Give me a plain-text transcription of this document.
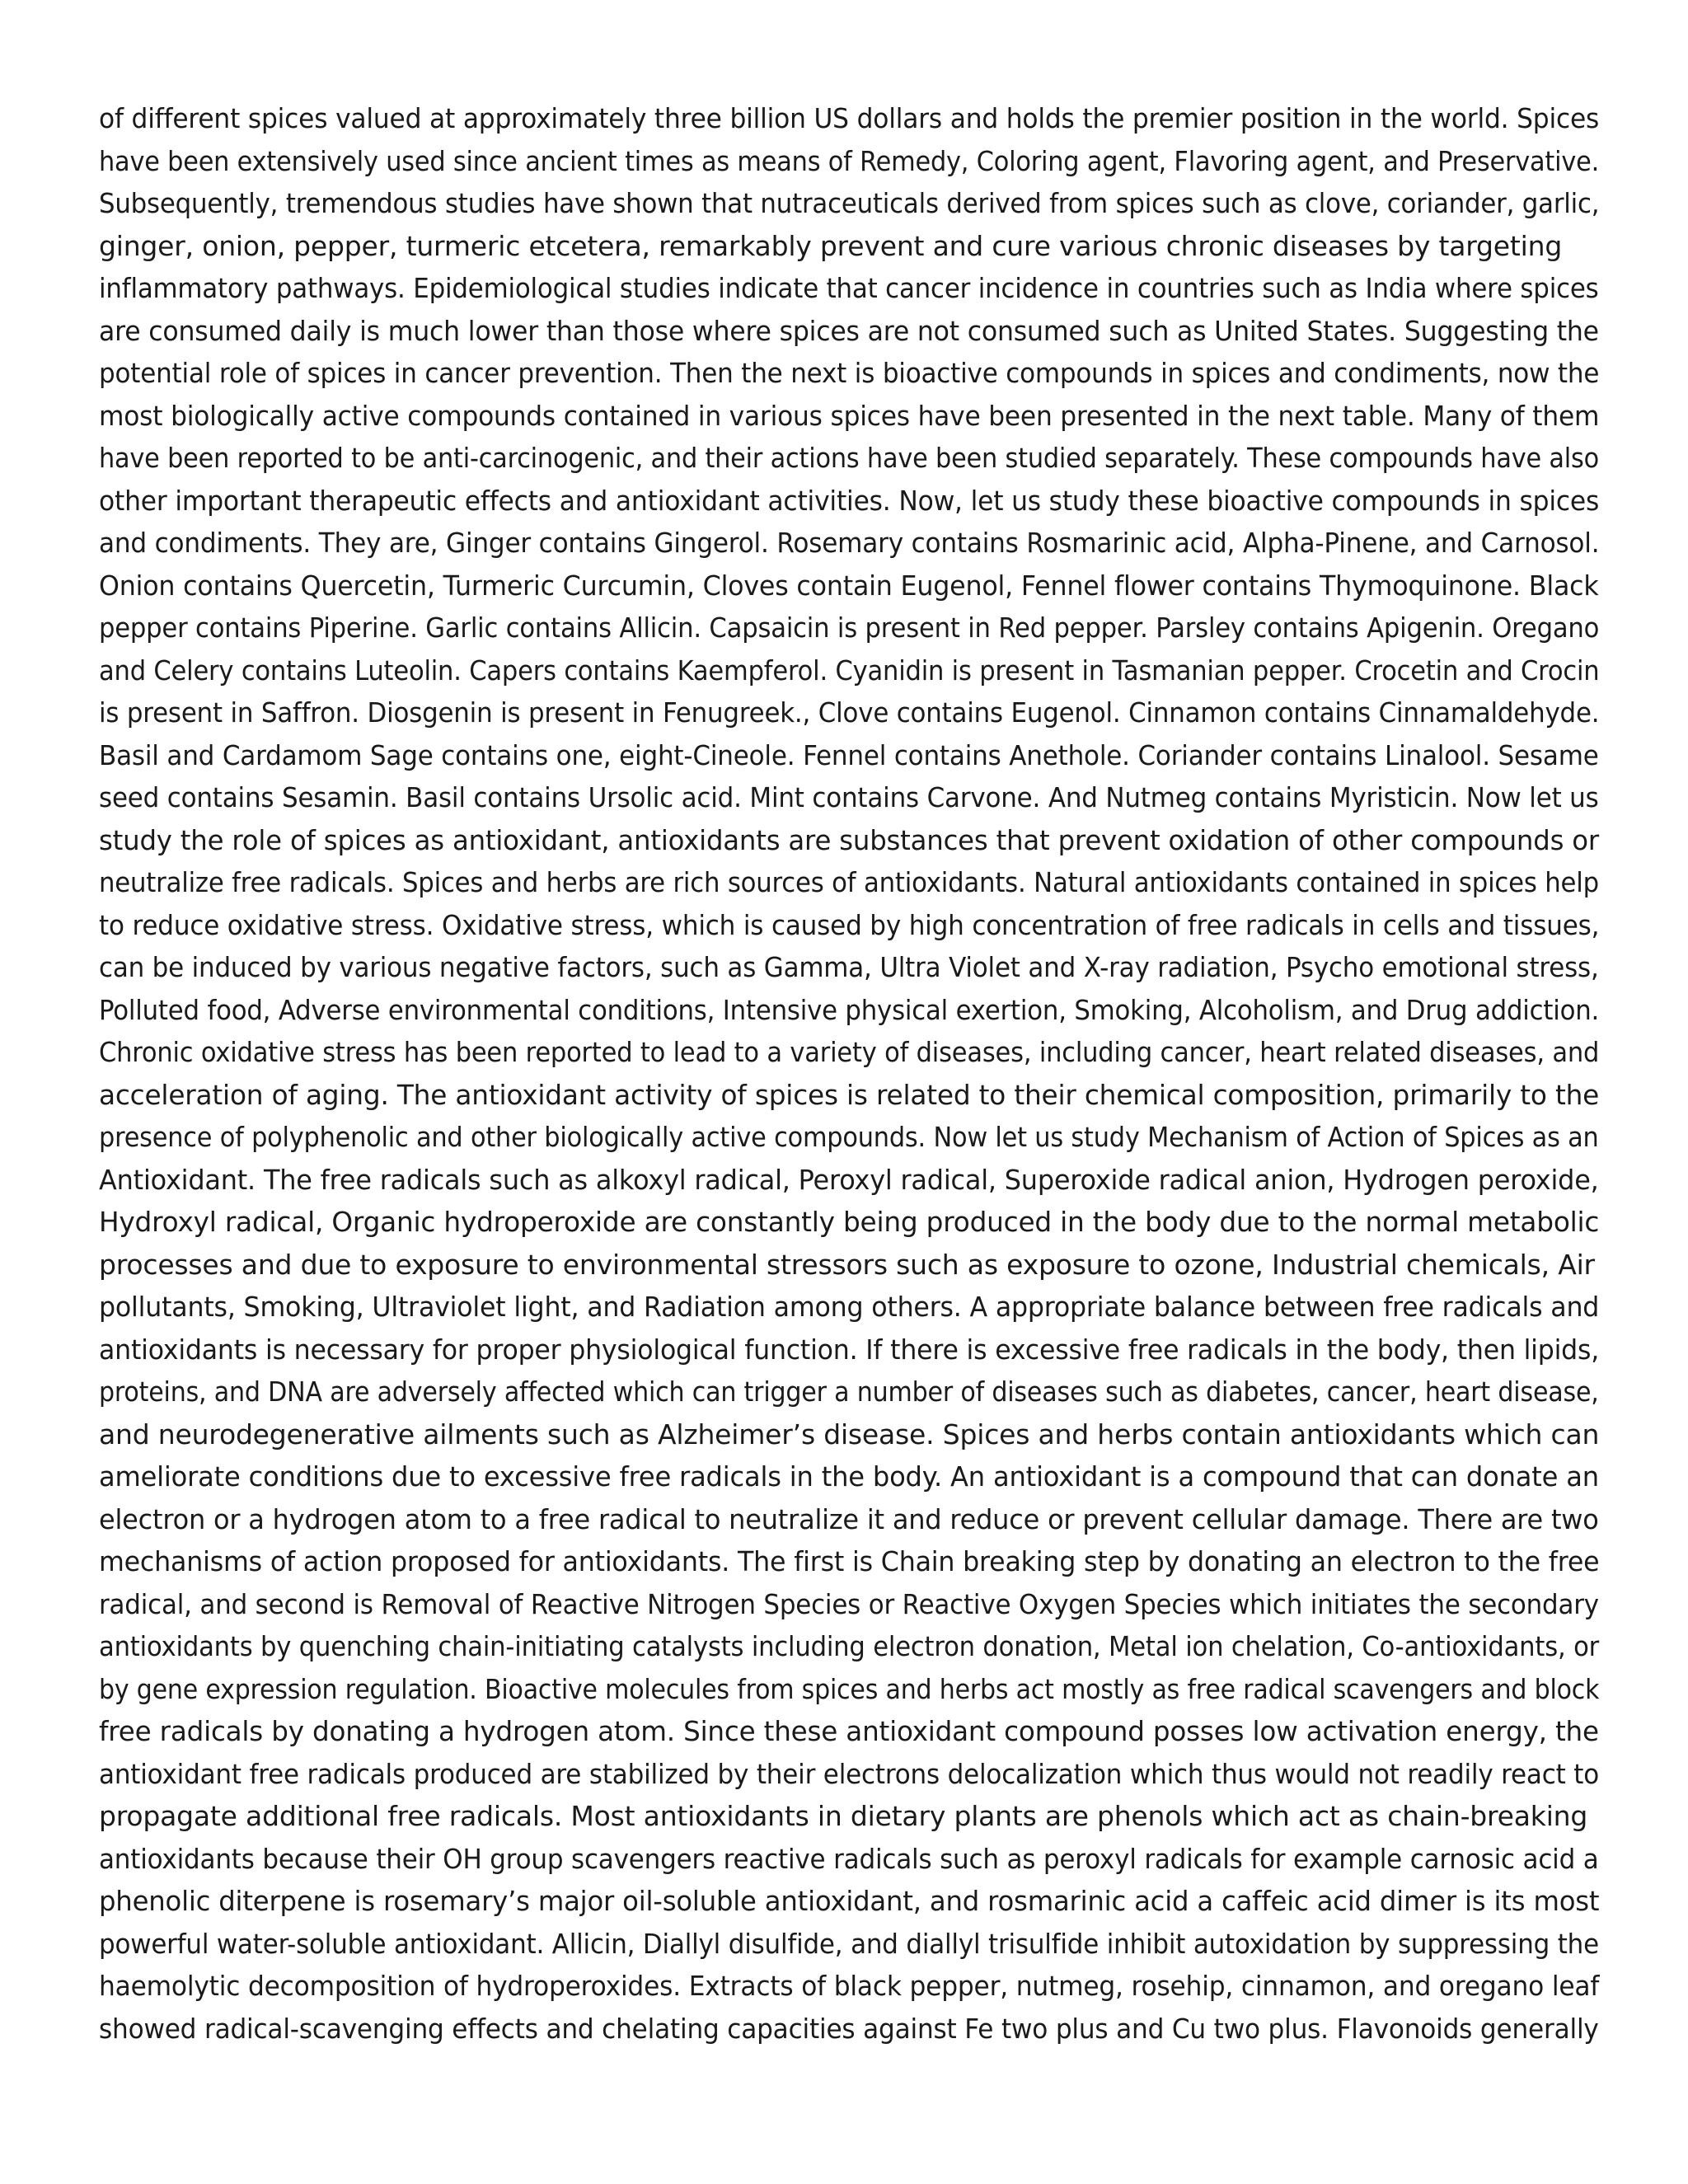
of different spices valued at approximately three billion US dollars and holds the premier position in the world. Spices
have been extensively used since ancient times as means of Remedy, Coloring agent, Flavoring agent, and Preservative.
Subsequently, tremendous studies have shown that nutraceuticals derived from spices such as clove, coriander, garlic,
ginger, onion, pepper, turmeric etcetera, remarkably prevent and cure various chronic diseases by targeting
inflammatory pathways. Epidemiological studies indicate that cancer incidence in countries such as India where spices
are consumed daily is much lower than those where spices are not consumed such as United States. Suggesting the
potential role of spices in cancer prevention. Then the next is bioactive compounds in spices and condiments, now the
most biologically active compounds contained in various spices have been presented in the next table. Many of them
have been reported to be anti-carcinogenic, and their actions have been studied separately. These compounds have also
other important therapeutic effects and antioxidant activities. Now, let us study these bioactive compounds in spices
and condiments. They are, Ginger contains Gingerol. Rosemary contains Rosmarinic acid, Alpha-Pinene, and Carnosol.
Onion contains Quercetin, Turmeric Curcumin, Cloves contain Eugenol, Fennel flower contains Thymoquinone. Black
pepper contains Piperine. Garlic contains Allicin. Capsaicin is present in Red pepper. Parsley contains Apigenin. Oregano
and Celery contains Luteolin. Capers contains Kaempferol. Cyanidin is present in Tasmanian pepper. Crocetin and Crocin
is present in Saffron. Diosgenin is present in Fenugreek., Clove contains Eugenol. Cinnamon contains Cinnamaldehyde.
Basil and Cardamom Sage contains one, eight-Cineole. Fennel contains Anethole. Coriander contains Linalool. Sesame
seed contains Sesamin. Basil contains Ursolic acid. Mint contains Carvone. And Nutmeg contains Myristicin. Now let us
study the role of spices as antioxidant, antioxidants are substances that prevent oxidation of other compounds or
neutralize free radicals. Spices and herbs are rich sources of antioxidants. Natural antioxidants contained in spices help
to reduce oxidative stress. Oxidative stress, which is caused by high concentration of free radicals in cells and tissues,
can be induced by various negative factors, such as Gamma, Ultra Violet and X-ray radiation, Psycho emotional stress,
Polluted food, Adverse environmental conditions, Intensive physical exertion, Smoking, Alcoholism, and Drug addiction.
Chronic oxidative stress has been reported to lead to a variety of diseases, including cancer, heart related diseases, and
acceleration of aging. The antioxidant activity of spices is related to their chemical composition, primarily to the
presence of polyphenolic and other biologically active compounds. Now let us study Mechanism of Action of Spices as an
Antioxidant. The free radicals such as alkoxyl radical, Peroxyl radical, Superoxide radical anion, Hydrogen peroxide,
Hydroxyl radical, Organic hydroperoxide are constantly being produced in the body due to the normal metabolic
processes and due to exposure to environmental stressors such as exposure to ozone, Industrial chemicals, Air
pollutants, Smoking, Ultraviolet light, and Radiation among others. A appropriate balance between free radicals and
antioxidants is necessary for proper physiological function. If there is excessive free radicals in the body, then lipids,
proteins, and DNA are adversely affected which can trigger a number of diseases such as diabetes, cancer, heart disease,
and neurodegenerative ailments such as Alzheimer’s disease. Spices and herbs contain antioxidants which can
ameliorate conditions due to excessive free radicals in the body. An antioxidant is a compound that can donate an
electron or a hydrogen atom to a free radical to neutralize it and reduce or prevent cellular damage. There are two
mechanisms of action proposed for antioxidants. The first is Chain breaking step by donating an electron to the free
radical, and second is Removal of Reactive Nitrogen Species or Reactive Oxygen Species which initiates the secondary
antioxidants by quenching chain-initiating catalysts including electron donation, Metal ion chelation, Co-antioxidants, or
by gene expression regulation. Bioactive molecules from spices and herbs act mostly as free radical scavengers and block
free radicals by donating a hydrogen atom. Since these antioxidant compound posses low activation energy, the
antioxidant free radicals produced are stabilized by their electrons delocalization which thus would not readily react to
propagate additional free radicals. Most antioxidants in dietary plants are phenols which act as chain-breaking
antioxidants because their OH group scavengers reactive radicals such as peroxyl radicals for example carnosic acid a
phenolic diterpene is rosemary’s major oil-soluble antioxidant, and rosmarinic acid a caffeic acid dimer is its most
powerful water-soluble antioxidant. Allicin, Diallyl disulfide, and diallyl trisulfide inhibit autoxidation by suppressing the
haemolytic decomposition of hydroperoxides. Extracts of black pepper, nutmeg, rosehip, cinnamon, and oregano leaf
showed radical-scavenging effects and chelating capacities against Fe two plus and Cu two plus. Flavonoids generally
